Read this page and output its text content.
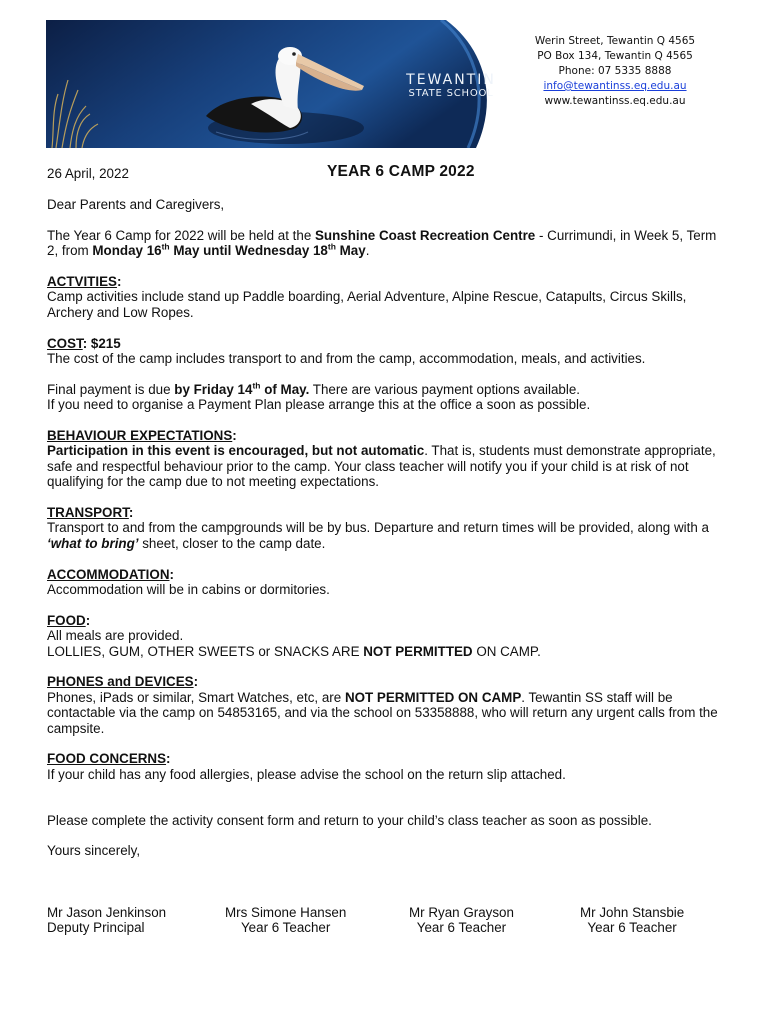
TEWANTIN
STATE SCHOOL
Werin Street, Tewantin Q 4565
PO Box 134, Tewantin Q 4565
Phone: 07 5335 8888
info@tewantinss.eq.edu.au
www.tewantinss.eq.edu.au
26 April, 2022	YEAR 6 CAMP 2022
Dear Parents and Caregivers,
The Year 6 Camp for 2022 will be held at the Sunshine Coast Recreation Centre - Currimundi, in Week 5, Term 2, from Monday 16th May until Wednesday 18th May.
ACTVITIES:
Camp activities include stand up Paddle boarding, Aerial Adventure, Alpine Rescue, Catapults, Circus Skills, Archery and Low Ropes.
COST: $215
The cost of the camp includes transport to and from the camp, accommodation, meals, and activities.
Final payment is due by Friday 14th of May. There are various payment options available.
If you need to organise a Payment Plan please arrange this at the office a soon as possible.
BEHAVIOUR EXPECTATIONS:
Participation in this event is encouraged, but not automatic. That is, students must demonstrate appropriate, safe and respectful behaviour prior to the camp. Your class teacher will notify you if your child is at risk of not qualifying for the camp due to not meeting expectations.
TRANSPORT:
Transport to and from the campgrounds will be by bus. Departure and return times will be provided, along with a ‘what to bring’ sheet, closer to the camp date.
ACCOMMODATION:
Accommodation will be in cabins or dormitories.
FOOD:
All meals are provided.
LOLLIES, GUM, OTHER SWEETS or SNACKS ARE NOT PERMITTED ON CAMP.
PHONES and DEVICES:
Phones, iPads or similar, Smart Watches, etc, are NOT PERMITTED ON CAMP. Tewantin SS staff will be contactable via the camp on 54853165, and via the school on 53358888, who will return any urgent calls from the campsite.
FOOD CONCERNS:
If your child has any food allergies, please advise the school on the return slip attached.
Please complete the activity consent form and return to your child’s class teacher as soon as possible.
Yours sincerely,
Mr Jason Jenkinson
Deputy Principal
Mrs Simone Hansen
Year 6 Teacher
Mr Ryan Grayson
Year 6 Teacher
Mr John Stansbie
Year 6 Teacher
